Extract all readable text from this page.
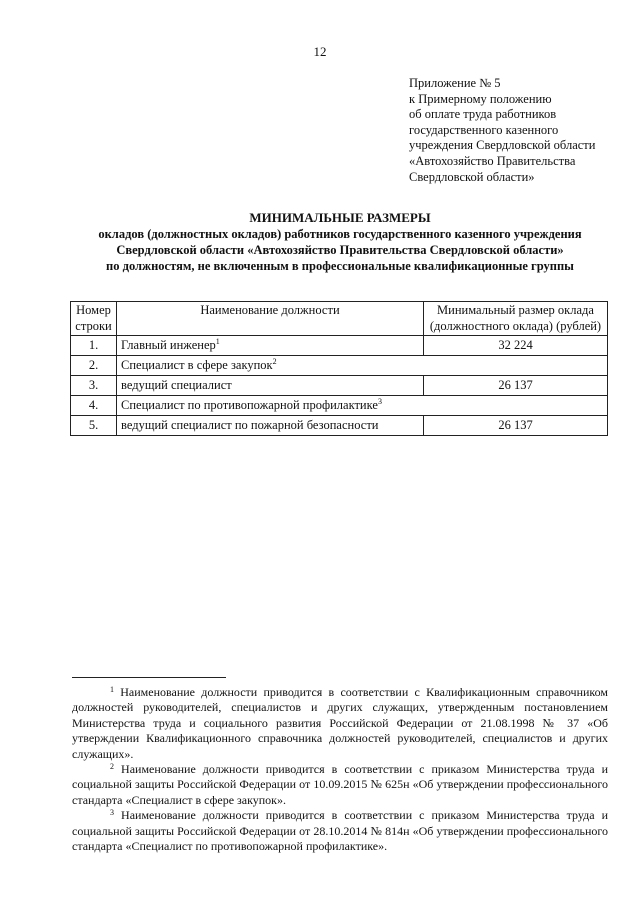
12
Приложение № 5
к Примерному положению
об оплате труда работников
государственного казенного
учреждения Свердловской области
«Автохозяйство Правительства
Свердловской области»
МИНИМАЛЬНЫЕ РАЗМЕРЫ
окладов (должностных окладов) работников государственного казенного учреждения
Свердловской области «Автохозяйство Правительства Свердловской области»
по должностям, не включенным в профессиональные квалификационные группы
Номер строки	Наименование должности	Минимальный размер оклада (должностного оклада) (рублей)
1.	Главный инженер$^1$	32 224
2.	Специалист в сфере закупок$^2$
3.	ведущий специалист	26 137
4.	Специалист по противопожарной профилактике$^3$
5.	ведущий специалист по пожарной безопасности	26 137

$^1$ Наименование должности приводится в соответствии с Квалификационным справочником должностей руководителей, специалистов и других служащих, утвержденным постановлением Министерства труда и социального развития Российской Федерации от 21.08.1998 № 37 «Об утверждении Квалификационного справочника должностей руководителей, специалистов и других служащих».

$^2$ Наименование должности приводится в соответствии с приказом Министерства труда и социальной защиты Российской Федерации от 10.09.2015 № 625н «Об утверждении профессионального стандарта «Специалист в сфере закупок».

$^3$ Наименование должности приводится в соответствии с приказом Министерства труда и социальной защиты Российской Федерации от 28.10.2014 № 814н «Об утверждении профессионального стандарта «Специалист по противопожарной профилактике».
